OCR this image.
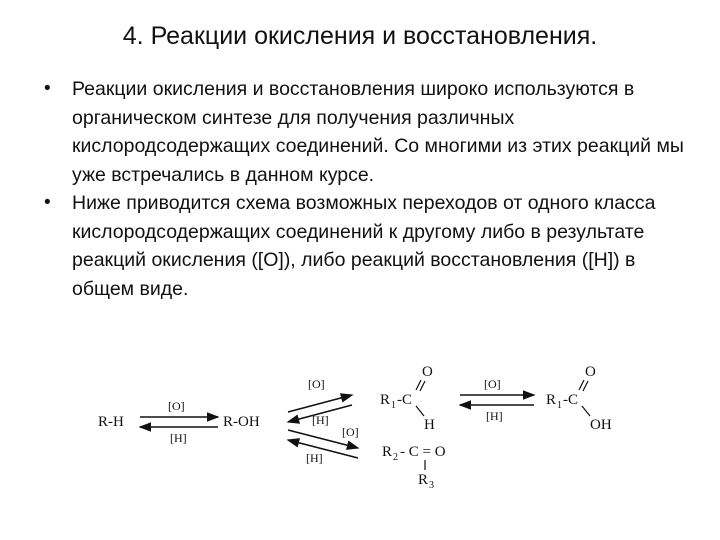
4. Реакции окисления и восстановления.
• Реакции окисления и восстановления широко используются в органическом синтезе для получения различных кислородсодержащих соединений. Со многими из этих реакций мы уже встречались в данном курсе.
• Ниже приводится схема возможных переходов от одного класса кислородсодержащих соединений к другому либо в результате реакций окисления ([O]), либо реакций восстановления ([H]) в общем виде.
R-H
[O]
[H]
R-OH
[O]
[H]
[O]
[H]
O
R 1 -C
H
[O]
[H]
O
R 1 -C
OH
R 2 - C = O
R 3
